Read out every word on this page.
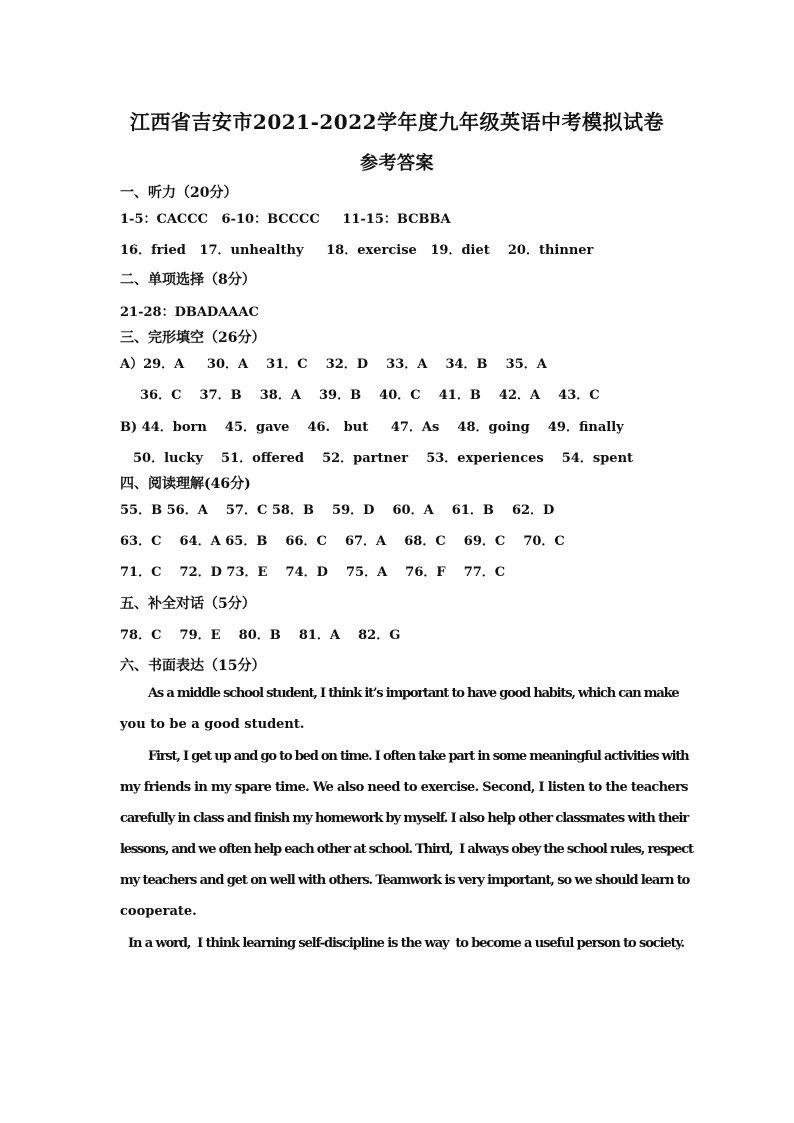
江西省吉安市2021-2022学年度九年级英语中考模拟试卷
参考答案
一、听力（20分）
1-5：CACCC   6-10：BCCCC     11-15：BCBBA
16．fried   17．unhealthy     18．exercise   19．diet    20．thinner
二、单项选择（8分）
21-28：DBADAAAC
三、完形填空（26分）
A）29．A     30．A    31．C    32．D    33．A    34．B    35．A
36．C    37．B    38．A    39．B    40．C    41．B    42．A    43．C
B) 44．born    45．gave    46.   but     47．As    48．going    49．finally
50．lucky    51．offered    52．partner    53．experiences    54．spent
四、阅读理解(46分)
55．B 56．A    57．C 58．B    59．D    60．A    61．B    62．D
63．C    64．A 65．B    66．C    67．A    68．C    69．C    70．C
71．C    72．D 73．E    74．D    75．A    76．F    77．C
五、补全对话（5分）
78．C    79．E    80．B    81．A    82．G
六、书面表达（15分）
As a middle school student, I think it’s important to have good habits, which can make
you to be a good student.
First, I get up and go to bed on time. I often take part in some meaningful activities with
my friends in my spare time. We also need to exercise. Second, I listen to the teachers
carefully in class and finish my homework by myself. I also help other classmates with their
lessons, and we often help each other at school. Third,  I always obey the school rules, respect
my teachers and get on well with others. Teamwork is very important, so we should learn to
cooperate.
In a word,  I think learning self-discipline is the way  to become a useful person to society.
